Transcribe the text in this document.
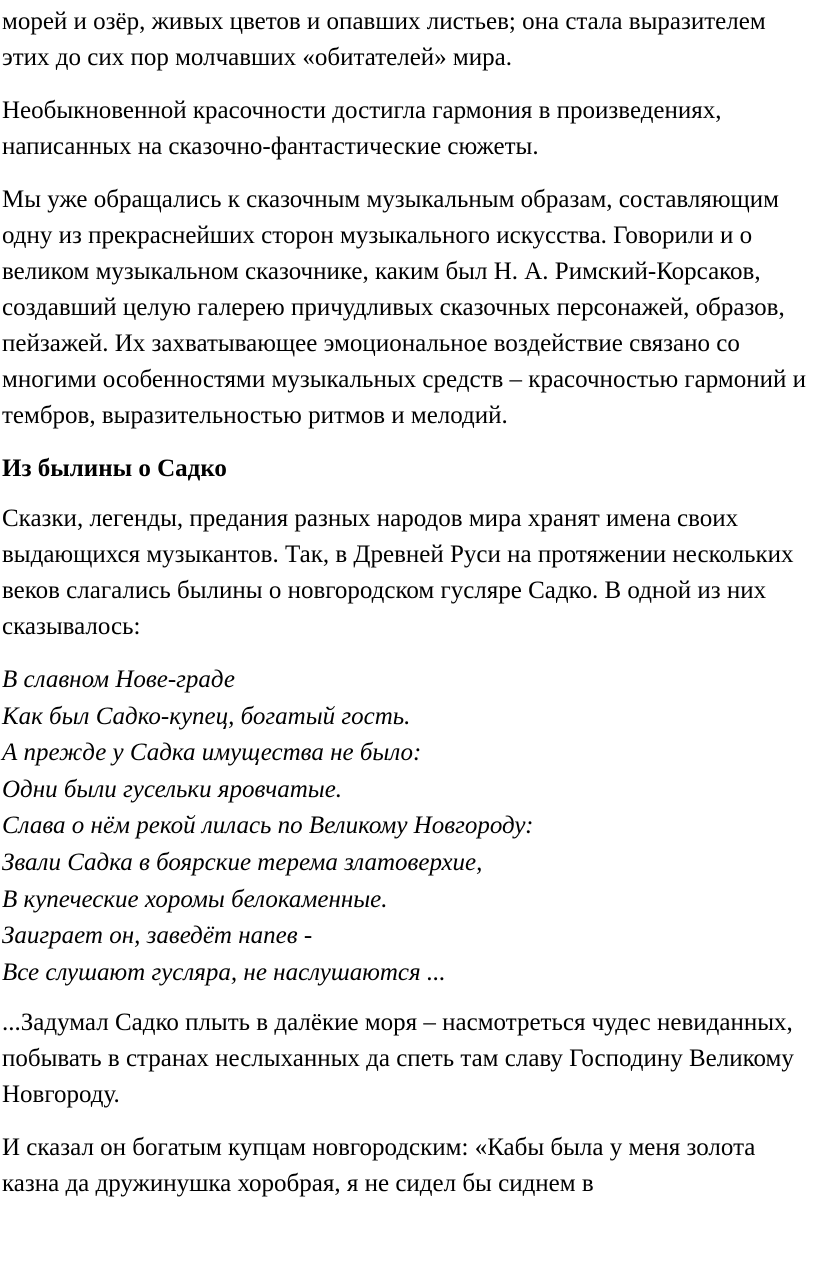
морей и озёр, живых цветов и опавших листьев; она стала выразителем этих до сих пор молчавших «обитателей» мира.

Необыкновенной красочности достигла гармония в произведениях, написанных на сказочно-фантастические сюжеты.

Мы уже обращались к сказочным музыкальным образам, составляющим одну из прекраснейших сторон музыкального искусства. Говорили и о великом музыкальном сказочнике, каким был Н. А. Римский-Корсаков, создавший целую галерею причудливых сказочных персонажей, образов, пейзажей. Их захватывающее эмоциональное воздействие связано со многими особенностями музыкальных средств – красочностью гармоний и тембров, выразительностью ритмов и мелодий.

Из былины о Садко

Сказки, легенды, предания разных народов мира хранят имена своих выдающихся музыкантов. Так, в Древней Руси на протяжении нескольких веков слагались былины о новгородском гусляре Садко. В одной из них сказывалось:

В славном Нове-граде
Как был Садко-купец, богатый гость.
А прежде у Садка имущества не было:
Одни были гусельки яровчатые.
Слава о нём рекой лилась по Великому Новгороду:
Звали Садка в боярские терема златоверхие,
В купеческие хоромы белокаменные.
Заиграет он, заведёт напев -
Все слушают гусляра, не наслушаются ...

...Задумал Садко плыть в далёкие моря – насмотреться чудес невиданных, побывать в странах неслыханных да спеть там славу Господину Великому Новгороду.

И сказал он богатым купцам новгородским: «Кабы была у меня золота казна да дружинушка хоробрая, я не сидел бы сиднем в
